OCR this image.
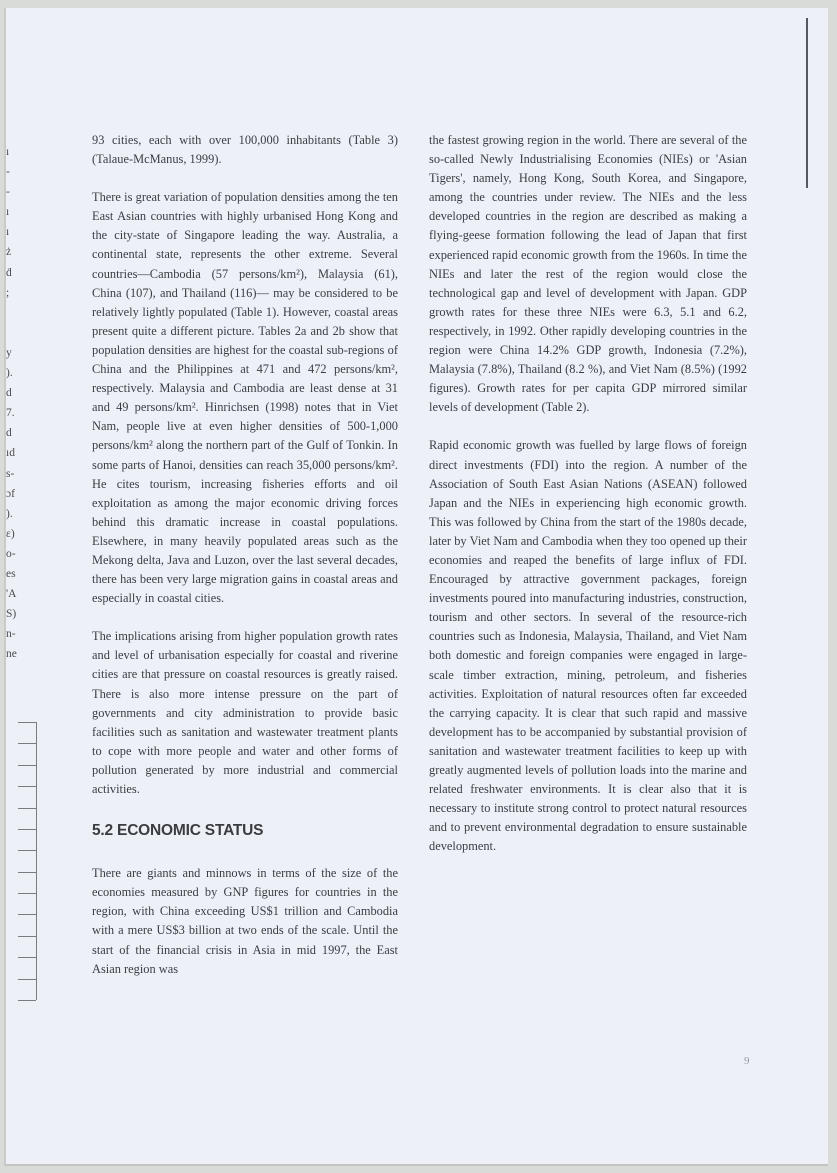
ı
-
-
ı
ı
ż
ḋ
;
y
).
d
7.
d
ıd
s-
ɔf
).
ɛ)
o-
es
'A
S)
n-
ne

93 cities, each with over 100,000 inhabitants (Table 3)(Talaue-McManus, 1999).

There is great variation of population densities among the ten East Asian countries with highly urbanised Hong Kong and the city-state of Singapore leading the way. Australia, a continental state, represents the other extreme. Several countries—Cambodia (57 persons/km²), Malaysia (61), China (107), and Thailand (116)— may be considered to be relatively lightly populated (Table 1). However, coastal areas present quite a different picture. Tables 2a and 2b show that population densities are highest for the coastal sub-regions of China and the Philippines at 471 and 472 persons/km², respectively. Malaysia and Cambodia are least dense at 31 and 49 persons/km². Hinrichsen (1998) notes that in Viet Nam, people live at even higher densities of 500-1,000 persons/km² along the northern part of the Gulf of Tonkin. In some parts of Hanoi, densities can reach 35,000 persons/km². He cites tourism, increasing fisheries efforts and oil exploitation as among the major economic driving forces behind this dramatic increase in coastal populations. Elsewhere, in many heavily populated areas such as the Mekong delta, Java and Luzon, over the last several decades, there has been very large migration gains in coastal areas and especially in coastal cities.

The implications arising from higher population growth rates and level of urbanisation especially for coastal and riverine cities are that pressure on coastal resources is greatly raised. There is also more intense pressure on the part of governments and city administration to provide basic facilities such as sanitation and wastewater treatment plants to cope with more people and water and other forms of pollution generated by more industrial and commercial activities.

5.2 ECONOMIC STATUS

There are giants and minnows in terms of the size of the economies measured by GNP figures for countries in the region, with China exceeding US$1 trillion and Cambodia with a mere US$3 billion at two ends of the scale. Until the start of the financial crisis in Asia in mid 1997, the East Asian region was

the fastest growing region in the world. There are several of the so-called Newly Industrialising Economies (NIEs) or 'Asian Tigers', namely, Hong Kong, South Korea, and Singapore, among the countries under review. The NIEs and the less developed countries in the region are described as making a flying-geese formation following the lead of Japan that first experienced rapid economic growth from the 1960s. In time the NIEs and later the rest of the region would close the technological gap and level of development with Japan. GDP growth rates for these three NIEs were 6.3, 5.1 and 6.2, respectively, in 1992. Other rapidly developing countries in the region were China 14.2% GDP growth, Indonesia (7.2%), Malaysia (7.8%), Thailand (8.2 %), and Viet Nam (8.5%) (1992 figures). Growth rates for per capita GDP mirrored similar levels of development (Table 2).

Rapid economic growth was fuelled by large flows of foreign direct investments (FDI) into the region. A number of the Association of South East Asian Nations (ASEAN) followed Japan and the NIEs in experiencing high economic growth. This was followed by China from the start of the 1980s decade, later by Viet Nam and Cambodia when they too opened up their economies and reaped the benefits of large influx of FDI. Encouraged by attractive government packages, foreign investments poured into manufacturing industries, construction, tourism and other sectors. In several of the resource-rich countries such as Indonesia, Malaysia, Thailand, and Viet Nam both domestic and foreign companies were engaged in large-scale timber extraction, mining, petroleum, and fisheries activities. Exploitation of natural resources often far exceeded the carrying capacity. It is clear that such rapid and massive development has to be accompanied by substantial provision of sanitation and wastewater treatment facilities to keep up with greatly augmented levels of pollution loads into the marine and related freshwater environments. It is clear also that it is necessary to institute strong control to protect natural resources and to prevent environmental degradation to ensure sustainable development.

9
